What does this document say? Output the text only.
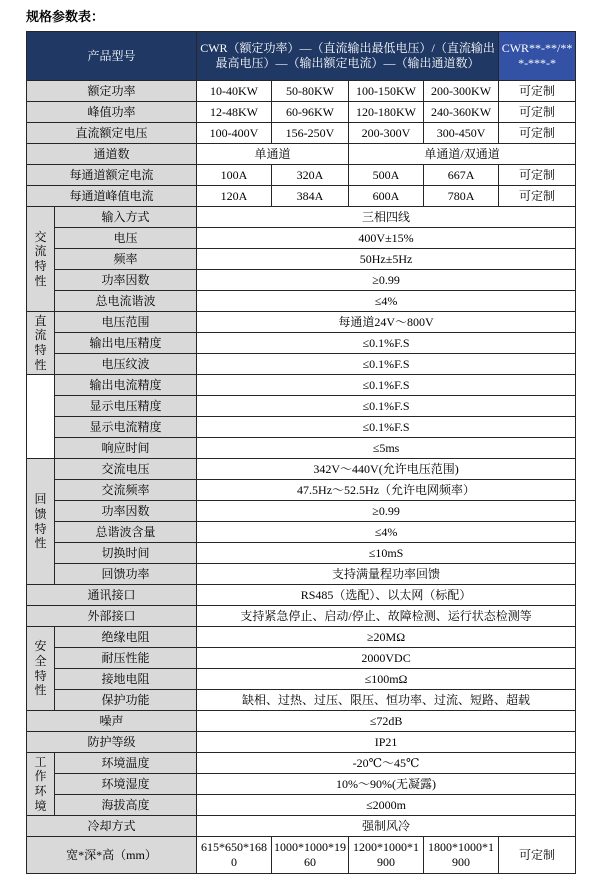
规格参数表：
产品型号		CWR（额定功率）—（直流输出最低电压）/（直流输出最高电压）—（输出额定电流）—（输出通道数）				CWR**-**/***-***-*
额定功率		10-40KW	50-80KW	100-150KW	200-300KW	可定制
峰值功率		12-48KW	60-96KW	120-180KW	240-360KW	可定制
直流额定电压		100-400V	156-250V	200-300V	300-450V	可定制
通道数		单通道		单通道/双通道		
每通道额定电流		100A	320A	500A	667A	可定制
每通道峰值电流		120A	384A	600A	780A	可定制
交流特性	输入方式	三相四线				
	电压	400V±15%				
	频率	50Hz±5Hz				
	功率因数	≥0.99				
	总电流谐波	≤4%				
直流特性	电压范围	每通道24V～800V				
	输出电压精度	≤0.1%F.S				
	电压纹波	≤0.1%F.S				
	输出电流精度	≤0.1%F.S				
	显示电压精度	≤0.1%F.S				
	显示电流精度	≤0.1%F.S				
	响应时间	≤5ms				
回馈特性	交流电压	342V～440V(允许电压范围)				
	交流频率	47.5Hz～52.5Hz（允许电网频率）				
	功率因数	≥0.99				
	总谐波含量	≤4%				
	切换时间	≤10mS				
	回馈功率	支持满量程功率回馈				
通讯接口		RS485（选配）、以太网（标配）				
外部接口		支持紧急停止、启动/停止、故障检测、运行状态检测等				
安全特性	绝缘电阻	≥20MΩ				
	耐压性能	2000VDC				
	接地电阻	≤100mΩ				
	保护功能	缺相、过热、过压、限压、恒功率、过流、短路、超载				
噪声		≤72dB				
防护等级		IP21				
工作环境	环境温度	-20℃～45℃				
	环境湿度	10%～90%(无凝露)				
	海拔高度	≤2000m				
冷却方式		强制风冷				
宽*深*高（mm）		615*650*1680	1000*1000*1960	1200*1000*1900	1800*1000*1900	可定制
